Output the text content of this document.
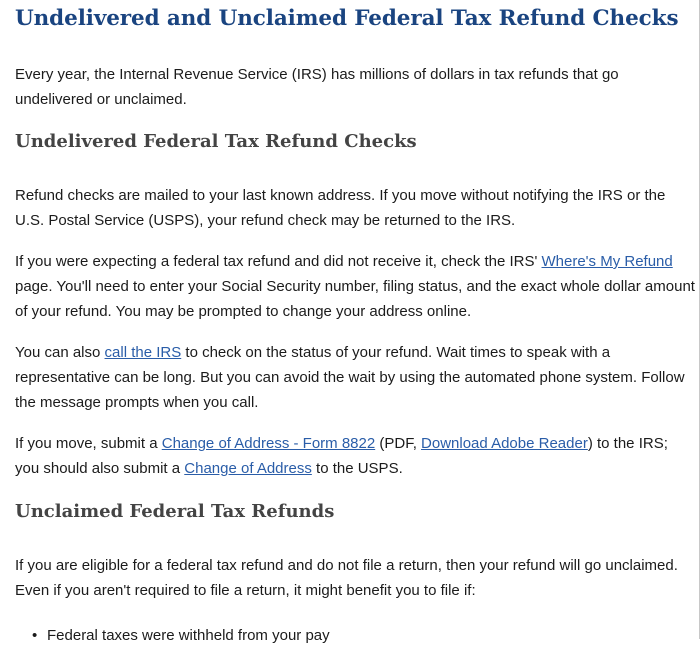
Undelivered and Unclaimed Federal Tax Refund Checks

Every year, the Internal Revenue Service (IRS) has millions of dollars in tax refunds that go undelivered or unclaimed.

Undelivered Federal Tax Refund Checks

Refund checks are mailed to your last known address. If you move without notifying the IRS or the U.S. Postal Service (USPS), your refund check may be returned to the IRS.

If you were expecting a federal tax refund and did not receive it, check the IRS' Where's My Refund page. You'll need to enter your Social Security number, filing status, and the exact whole dollar amount of your refund. You may be prompted to change your address online.

You can also call the IRS to check on the status of your refund. Wait times to speak with a representative can be long. But you can avoid the wait by using the automated phone system. Follow the message prompts when you call.

If you move, submit a Change of Address - Form 8822 (PDF, Download Adobe Reader) to the IRS; you should also submit a Change of Address to the USPS.

Unclaimed Federal Tax Refunds

If you are eligible for a federal tax refund and do not file a return, then your refund will go unclaimed. Even if you aren't required to file a return, it might benefit you to file if:

• Federal taxes were withheld from your pay
